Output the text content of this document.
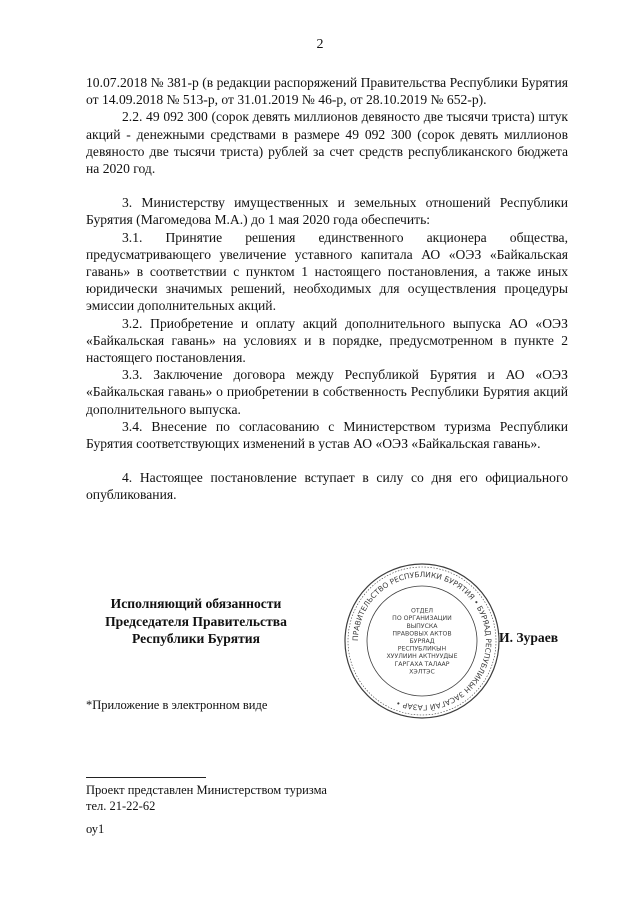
2

10.07.2018 № 381-р (в редакции распоряжений Правительства Республики Бурятия от 14.09.2018 № 513-р, от 31.01.2019 № 46-р, от 28.10.2019 № 652-р).

2.2. 49 092 300 (сорок девять миллионов девяносто две тысячи триста) штук акций - денежными средствами в размере 49 092 300 (сорок девять миллионов девяносто две тысячи триста) рублей за счет средств республиканского бюджета на 2020 год.

3. Министерству имущественных и земельных отношений Республики Бурятия (Магомедова М.А.) до 1 мая 2020 года обеспечить:

3.1. Принятие решения единственного акционера общества, предусматривающего увеличение уставного капитала АО «ОЭЗ «Байкальская гавань» в соответствии с пунктом 1 настоящего постановления, а также иных юридически значимых решений, необходимых для осуществления процедуры эмиссии дополнительных акций.

3.2. Приобретение и оплату акций дополнительного выпуска АО «ОЭЗ «Байкальская гавань» на условиях и в порядке, предусмотренном в пункте 2 настоящего постановления.

3.3. Заключение договора между Республикой Бурятия и АО «ОЭЗ «Байкальская гавань» о приобретении в собственность Республики Бурятия акций дополнительного выпуска.

3.4. Внесение по согласованию с Министерством туризма Республики Бурятия соответствующих изменений в устав АО «ОЭЗ «Байкальская гавань».

4. Настоящее постановление вступает в силу со дня его официального опубликования.

Исполняющий обязанности
Председателя Правительства
Республики Бурятия	ПРАВИТЕЛЬСТВО РЕСПУБЛИКИ БУРЯТИЯ • БУРЯАД РЕСПУБЛИКЫН ЗАСАГАЙ ГАЗАР •
ОТДЕЛ
ПО ОРГАНИЗАЦИИ
ВЫПУСКА
ПРАВОВЫХ АКТОВ
БУРЯАД
РЕСПУБЛИКЫН
ХУУЛИИН АКТНУУДЫЕ
ГАРГАХА ТАЛААР
ХЭЛТЭС
И. Зураев
*Приложение в электронном виде
Проект представлен Министерством туризма
тел. 21-22-62
оу1
